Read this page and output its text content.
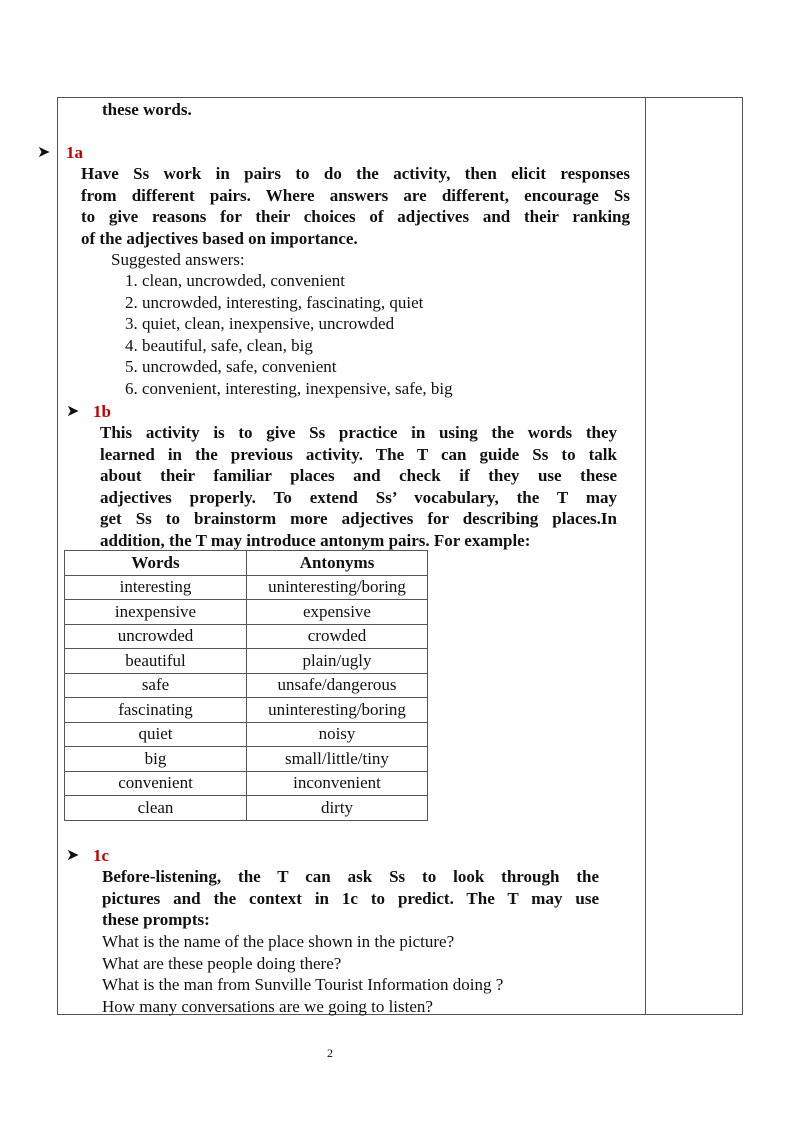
these words.
➤ 1a
Have Ss work in pairs to do the activity, then elicit responses
from different pairs. Where answers are different, encourage Ss
to give reasons for their choices of adjectives and their ranking
of the adjectives based on importance.
Suggested answers:
1. clean, uncrowded, convenient
2. uncrowded, interesting, fascinating, quiet
3. quiet, clean, inexpensive, uncrowded
4. beautiful, safe, clean, big
5. uncrowded, safe, convenient
6. convenient, interesting, inexpensive, safe, big
➤ 1b
This activity is to give Ss practice in using the words they
learned in the previous activity. The T can guide Ss to talk
about their familiar places and check if they use these
adjectives properly. To extend Ss’ vocabulary, the T may
get Ss to brainstorm more adjectives for describing places.In
addition, the T may introduce antonym pairs. For example:
Words	Antonyms
interesting	uninteresting/boring
inexpensive	expensive
uncrowded	crowded
beautiful	plain/ugly
safe	unsafe/dangerous
fascinating	uninteresting/boring
quiet	noisy
big	small/little/tiny
convenient	inconvenient
clean	dirty
➤ 1c
Before-listening, the T can ask Ss to look through the
pictures and the context in 1c to predict. The T may use
these prompts:
What is the name of the place shown in the picture?
What are these people doing there?
What is the man from Sunville Tourist Information doing ?
How many conversations are we going to listen?
2
